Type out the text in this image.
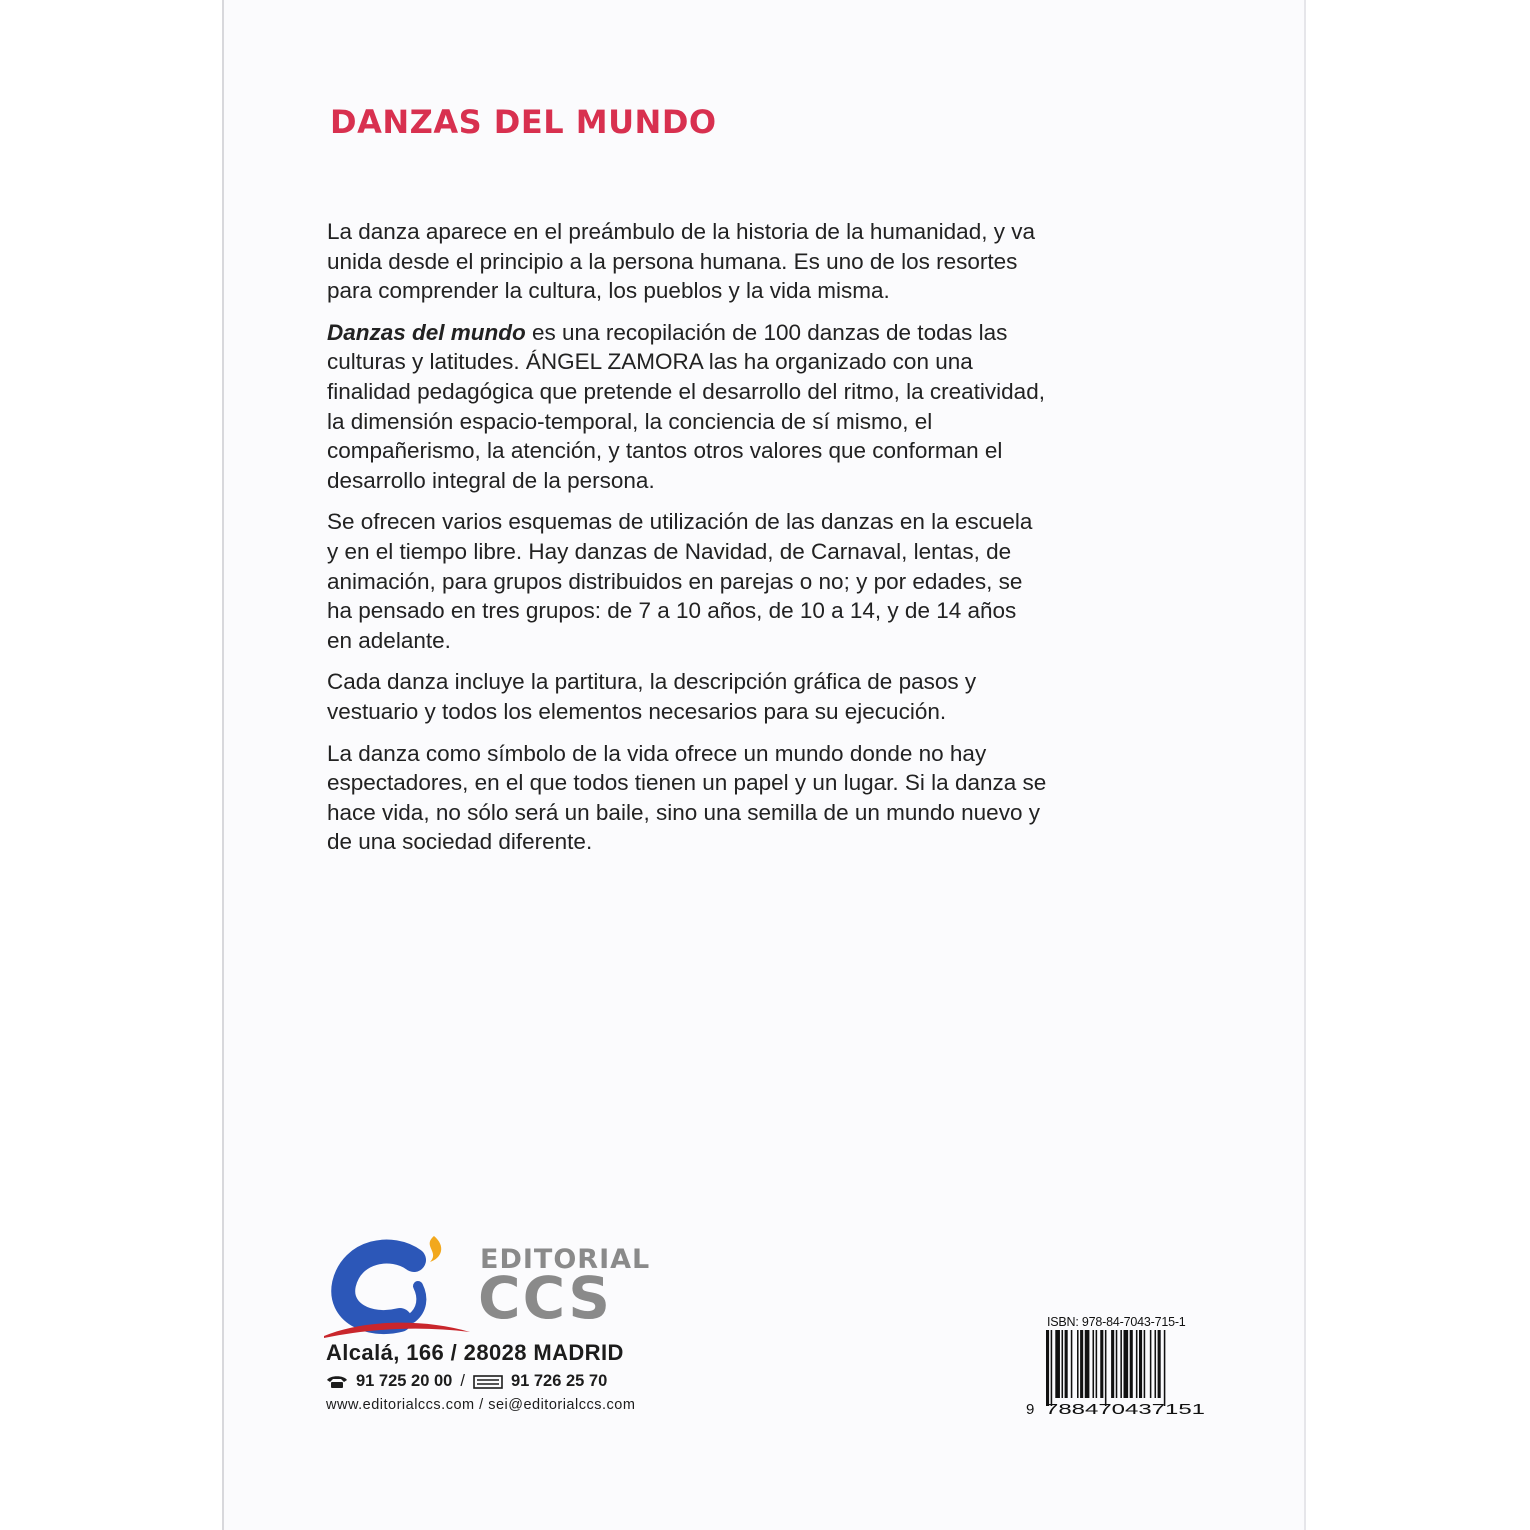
DANZAS DEL MUNDO

La danza aparece en el preámbulo de la historia de la humanidad, y va unida desde el principio a la persona humana. Es uno de los resortes para comprender la cultura, los pueblos y la vida misma.

Danzas del mundo es una recopilación de 100 danzas de todas las culturas y latitudes. ÁNGEL ZAMORA las ha organizado con una finalidad pedagógica que pretende el desarrollo del ritmo, la creatividad, la dimensión espacio-temporal, la conciencia de sí mismo, el compañerismo, la atención, y tantos otros valores que conforman el desarrollo integral de la persona.

Se ofrecen varios esquemas de utilización de las danzas en la escuela y en el tiempo libre. Hay danzas de Navidad, de Carnaval, lentas, de animación, para grupos distribuidos en parejas o no; y por edades, se ha pensado en tres grupos: de 7 a 10 años, de 10 a 14, y de 14 años en adelante.

Cada danza incluye la partitura, la descripción gráfica de pasos y vestuario y todos los elementos necesarios para su ejecución.

La danza como símbolo de la vida ofrece un mundo donde no hay espectadores, en el que todos tienen un papel y un lugar. Si la danza se hace vida, no sólo será un baile, sino una semilla de un mundo nuevo y de una sociedad diferente.

EDITORIAL
CCS
Alcalá, 166 / 28028 MADRID
91 725 20 00 /	91 726 25 70
www.editorialccs.com / sei@editorialccs.com
ISBN: 978-84-7043-715-1
9 788470437151
